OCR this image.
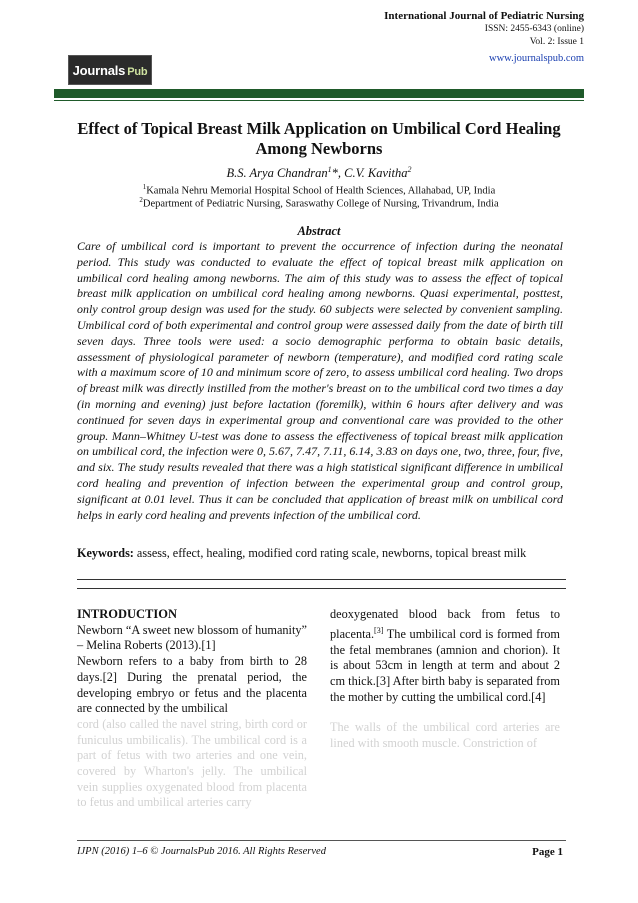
International Journal of Pediatric Nursing
ISSN: 2455-6343 (online)
Vol. 2: Issue 1
www.journalspub.com
Journals Pub
Effect of Topical Breast Milk Application on Umbilical Cord Healing Among Newborns
B.S. Arya Chandran$^1$*, C.V. Kavitha$^2$
$^1$Kamala Nehru Memorial Hospital School of Health Sciences, Allahabad, UP, India
$^2$Department of Pediatric Nursing, Saraswathy College of Nursing, Trivandrum, India
Abstract
Care of umbilical cord is important to prevent the occurrence of infection during the neonatal period. This study was conducted to evaluate the effect of topical breast milk application on umbilical cord healing among newborns. The aim of this study was to assess the effect of topical breast milk application on umbilical cord healing among newborns. Quasi experimental, posttest, only control group design was used for the study. 60 subjects were selected by convenient sampling. Umbilical cord of both experimental and control group were assessed daily from the date of birth till seven days. Three tools were used: a socio demographic performa to obtain basic details, assessment of physiological parameter of newborn (temperature), and modified cord rating scale with a maximum score of 10 and minimum score of zero, to assess umbilical cord healing. Two drops of breast milk was directly instilled from the mother's breast on to the umbilical cord two times a day (in morning and evening) just before lactation (foremilk), within 6 hours after delivery and was continued for seven days in experimental group and conventional care was provided to the other group. Mann–Whitney U-test was done to assess the effectiveness of topical breast milk application on umbilical cord, the infection were 0, 5.67, 7.47, 7.11, 6.14, 3.83 on days one, two, three, four, five, and six. The study results revealed that there was a high statistical significant difference in umbilical cord healing and prevention of infection between the experimental group and control group, significant at 0.01 level. Thus it can be concluded that application of breast milk on umbilical cord helps in early cord healing and prevents infection of the umbilical cord.
Keywords: assess, effect, healing, modified cord rating scale, newborns, topical breast milk
INTRODUCTION

Newborn “A sweet new blossom of humanity” – Melina Roberts (2013).[1]

Newborn refers to a baby from birth to 28 days.[2] During the prenatal period, the developing embryo or fetus and the placenta are connected by the umbilical

cord (also called the navel string, birth cord or funiculus umbilicalis). The umbilical cord is a part of fetus with two arteries and one vein, covered by Wharton's jelly. The umbilical vein supplies oxygenated blood from placenta to fetus and umbilical arteries carry

deoxygenated blood back from fetus to placenta.[3] The umbilical cord is formed from the fetal membranes (amnion and chorion). It is about 53cm in length at term and about 2 cm thick.[3] After birth baby is separated from the mother by cutting the umbilical cord.[4]

The walls of the umbilical cord arteries are lined with smooth muscle. Constriction of

IJPN (2016) 1–6 © JournalsPub 2016. All Rights Reserved	Page 1
